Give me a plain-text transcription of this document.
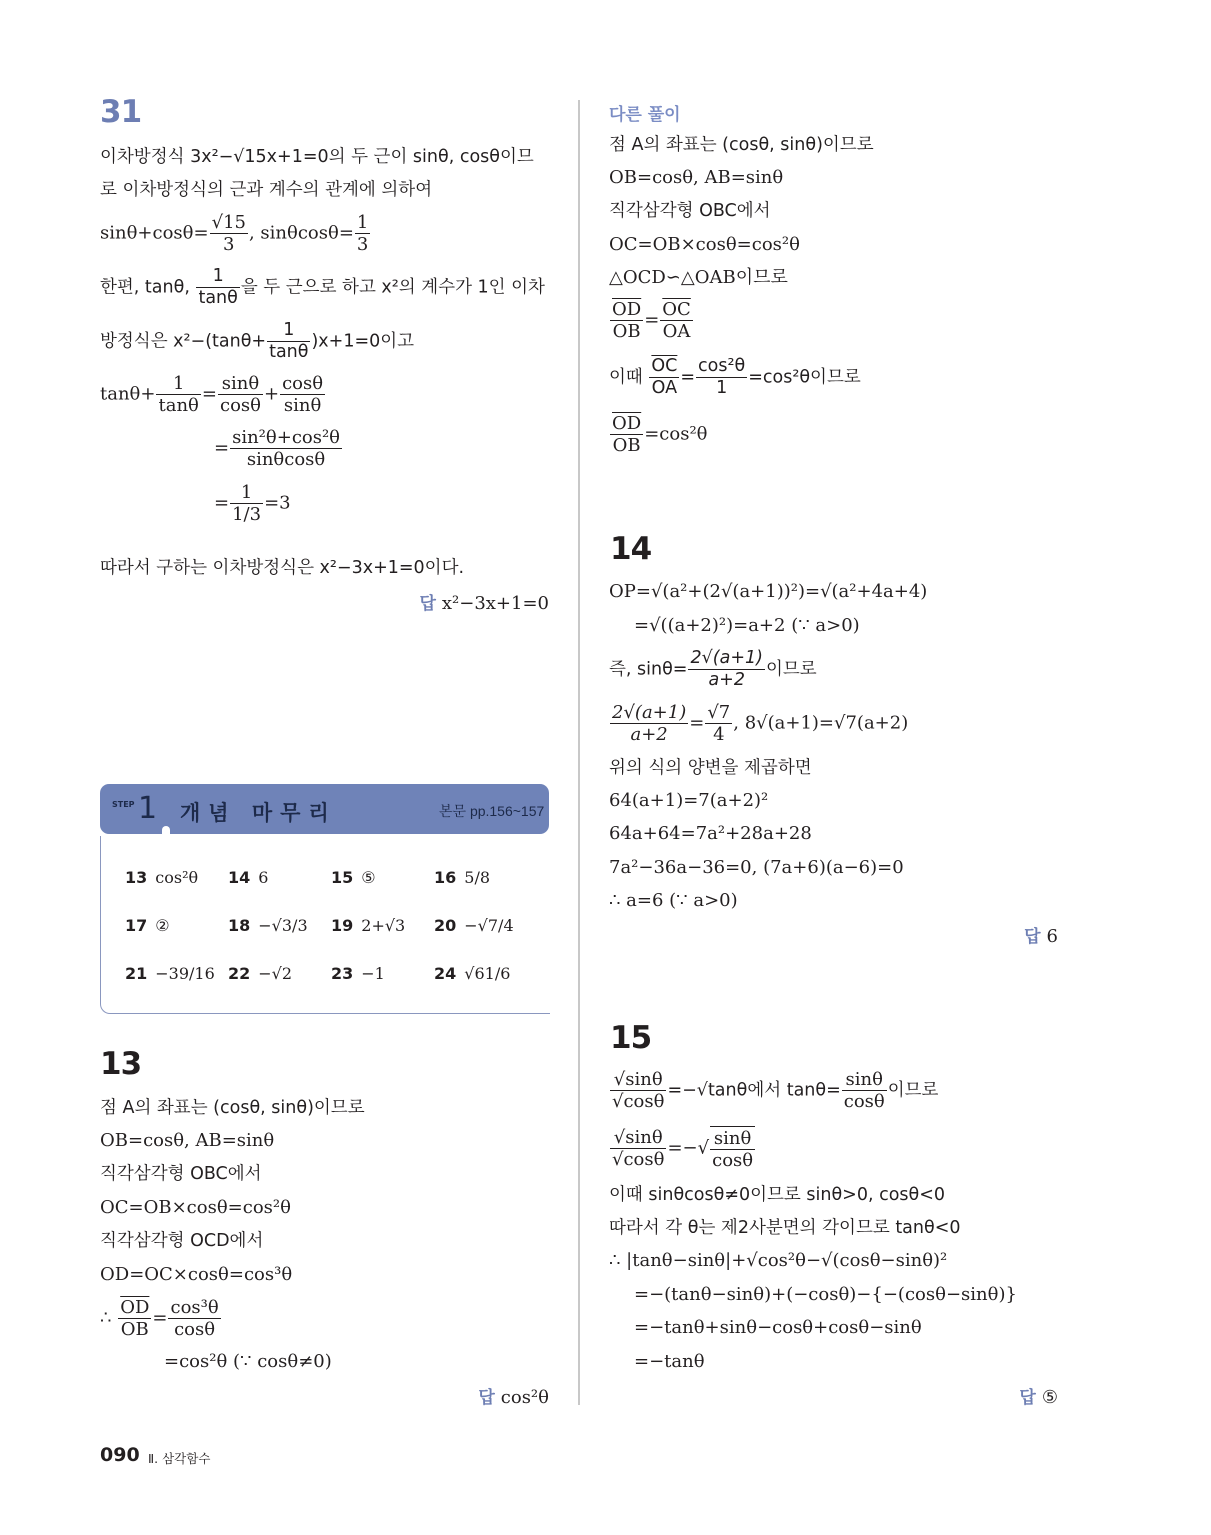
31
이차방정식 3x²−√15x+1=0의 두 근이 sinθ, cosθ이므
로 이차방정식의 근과 계수의 관계에 의하여
$\sin\theta+\cos\theta= \frac{√15}{3}$ , $\sin\theta\cos\theta= \frac{1}{3}$
한편, tanθ, $\frac{1}{\tan\theta}$ 을 두 근으로 하고 x²의 계수가 1인 이차
방정식은 $x^2-(\tan\theta+ \frac{1}{\tan\theta} )x+1=0$이고
$\tan\theta+ \frac{1}{\tan\theta} = \frac{\sin\theta}{\cos\theta} + \frac{\cos\theta}{\sin\theta}$
= $\frac{\text{sin²θ+cos²θ}}{\sin\theta\cos\theta}$
= $\frac{1}{1/3} =3$
따라서 구하는 이차방정식은 x²−3x+1=0이다.
답 x²−3x+1=0
STEP 1 개념 마무리	본문 pp.156~157
13 cos²θ 14 6	15 ⑤	16 5/8
17 ②	18 −√3/3 19 2+√3 20 −√7/4
21 −39/16 22 −√2 23 −1	24 √61/6
13
점 A의 좌표는 (cosθ, sinθ)이므로
OB=cosθ, AB=sinθ
직각삼각형 OBC에서
OC=OB×cosθ=cos²θ
직각삼각형 OCD에서
OD=OC×cosθ=cos³θ
∴ $\frac{\overline{OD}}{OB} = \frac{\text{cos³θ}}{\cos\theta}$
=cos²θ (∵ cosθ≠0)
답 cos²θ
다른 풀이
점 A의 좌표는 (cosθ, sinθ)이므로
OB=cosθ, AB=sinθ
직각삼각형 OBC에서
OC=OB×cosθ=cos²θ
△OCD∽△OAB이므로
$\frac{\overline{OD}}{OB} = \frac{\overline{OC}}{OA}$
이때 $\frac{\overline{OC}}{OA} = \frac{\text{cos²θ}}{1} =\cos^2\theta$이므로
$\frac{\overline{OD}}{OB} =\cos^2\theta$
14
OP=√(a²+(2√(a+1))²)=√(a²+4a+4)
=√((a+2)²)=a+2 (∵ a>0)
즉, $\sin\theta= \frac{2√(a+1)}{a+2}$ 이므로
$\frac{2√(a+1)}{a+2} = \frac{√7}{4}$ , 8√(a+1)=√7(a+2)
위의 식의 양변을 제곱하면
64(a+1)=7(a+2)²
64a+64=7a²+28a+28
7a²−36a−36=0, (7a+6)(a−6)=0
∴ a=6 (∵ a>0)
답 6
15
$\frac{√\sin\theta}{√\cos\theta} =-√\tan\theta$에서 $\tan\theta= \frac{\sin\theta}{\cos\theta}$ 이므로
$\frac{√\sin\theta}{√\cos\theta}$ =−√ $\frac{\sin\theta}{\cos\theta}$
이때 sinθcosθ≠0이므로 sinθ>0, cosθ<0
따라서 각 θ는 제2사분면의 각이므로 tanθ<0
∴ |tanθ−sinθ|+√cos²θ−√(cosθ−sinθ)²
=−(tanθ−sinθ)+(−cosθ)−{−(cosθ−sinθ)}
=−tanθ+sinθ−cosθ+cosθ−sinθ
=−tanθ
답 ⑤
090 Ⅱ. 삼각함수
